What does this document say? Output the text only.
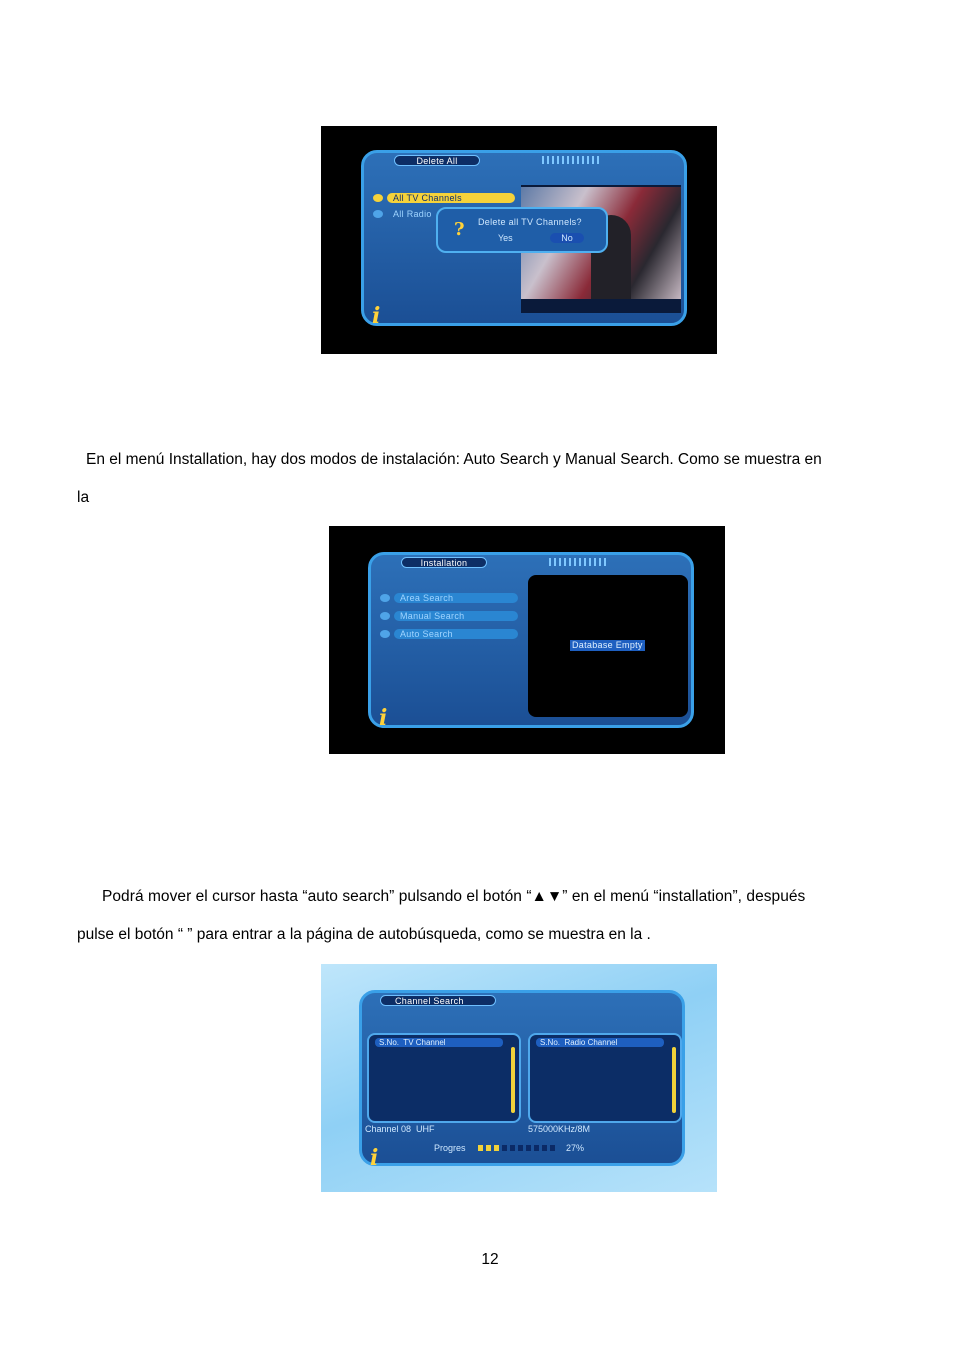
Delete All
All TV Channels
All Radio
? Delete all TV Channels?
Yes	No
i
En el menú Installation, hay dos modos de instalación: Auto Search y Manual Search. Como se muestra en
la
Installation
Area Search
Manual Search
Auto Search
Database Empty
i
Podrá mover el cursor hasta “auto search” pulsando el botón “▲▼” en el menú “installation”, después
pulse el botón “ ” para entrar a la página de autobúsqueda, como se muestra en la .
Channel Search
S.No.  TV Channel	S.No.  Radio Channel
Channel 08  UHF	575000KHz/8M
Progres	27%
i
12
